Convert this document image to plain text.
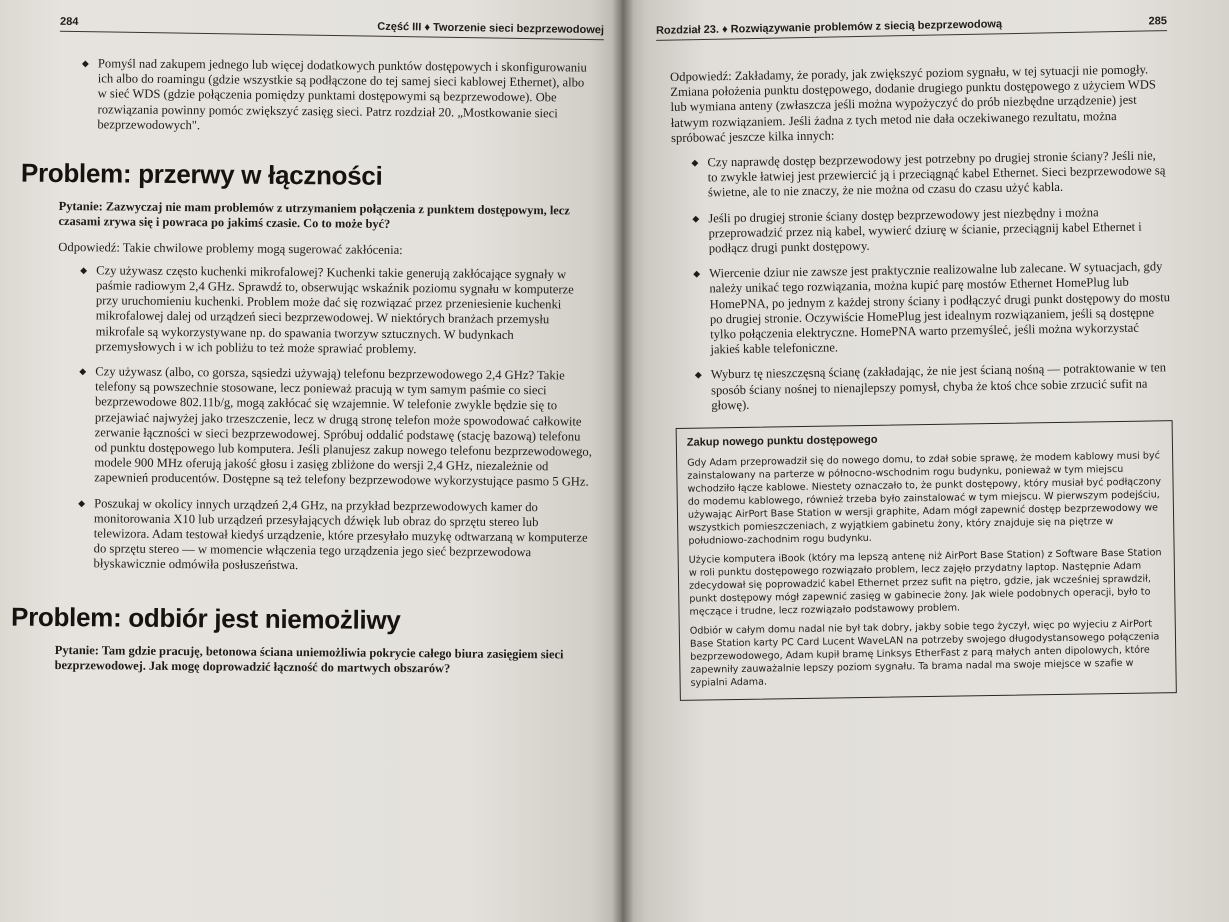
284	Część III ♦ Tworzenie sieci bezprzewodowej
◆ Pomyśl nad zakupem jednego lub więcej dodatkowych punktów dostępowych i skonfigurowaniu ich albo do roamingu (gdzie wszystkie są podłączone do tej samej sieci kablowej Ethernet), albo w sieć WDS (gdzie połączenia pomiędzy punktami dostępowymi są bezprzewodowe). Obe rozwiązania powinny pomóc zwiększyć zasięg sieci. Patrz rozdział 20. „Mostkowanie sieci bezprzewodowych".
Problem: przerwy w łączności

Pytanie: Zazwyczaj nie mam problemów z utrzymaniem połączenia z punktem dostępowym, lecz czasami zrywa się i powraca po jakimś czasie. Co to może być?

Odpowiedź: Takie chwilowe problemy mogą sugerować zakłócenia:

◆ Czy używasz często kuchenki mikrofalowej? Kuchenki takie generują zakłócające sygnały w paśmie radiowym 2,4 GHz. Sprawdź to, obserwując wskaźnik poziomu sygnału w komputerze przy uruchomieniu kuchenki. Problem może dać się rozwiązać przez przeniesienie kuchenki mikrofalowej dalej od urządzeń sieci bezprzewodowej. W niektórych branżach przemysłu mikrofale są wykorzystywane np. do spawania tworzyw sztucznych. W budynkach przemysłowych i w ich pobliżu to też może sprawiać problemy.
◆ Czy używasz (albo, co gorsza, sąsiedzi używają) telefonu bezprzewodowego 2,4 GHz? Takie telefony są powszechnie stosowane, lecz ponieważ pracują w tym samym paśmie co sieci bezprzewodowe 802.11b/g, mogą zakłócać się wzajemnie. W telefonie zwykle będzie się to przejawiać najwyżej jako trzeszczenie, lecz w drugą stronę telefon może spowodować całkowite zerwanie łączności w sieci bezprzewodowej. Spróbuj oddalić podstawę (stację bazową) telefonu od punktu dostępowego lub komputera. Jeśli planujesz zakup nowego telefonu bezprzewodowego, modele 900 MHz oferują jakość głosu i zasięg zbliżone do wersji 2,4 GHz, niezależnie od zapewnień producentów. Dostępne są też telefony bezprzewodowe wykorzystujące pasmo 5 GHz.
◆ Poszukaj w okolicy innych urządzeń 2,4 GHz, na przykład bezprzewodowych kamer do monitorowania X10 lub urządzeń przesyłających dźwięk lub obraz do sprzętu stereo lub telewizora. Adam testował kiedyś urządzenie, które przesyłało muzykę odtwarzaną w komputerze do sprzętu stereo — w momencie włączenia tego urządzenia jego sieć bezprzewodowa błyskawicznie odmówiła posłuszeństwa.
Problem: odbiór jest niemożliwy

Pytanie: Tam gdzie pracuję, betonowa ściana uniemożliwia pokrycie całego biura zasięgiem sieci bezprzewodowej. Jak mogę doprowadzić łączność do martwych obszarów?

Rozdział 23. ♦ Rozwiązywanie problemów z siecią bezprzewodową	285

Odpowiedź: Zakładamy, że porady, jak zwiększyć poziom sygnału, w tej sytuacji nie pomogły. Zmiana położenia punktu dostępowego, dodanie drugiego punktu dostępowego z użyciem WDS lub wymiana anteny (zwłaszcza jeśli można wypożyczyć do prób niezbędne urządzenie) jest łatwym rozwiązaniem. Jeśli żadna z tych metod nie dała oczekiwanego rezultatu, można spróbować jeszcze kilka innych:

◆ Czy naprawdę dostęp bezprzewodowy jest potrzebny po drugiej stronie ściany? Jeśli nie, to zwykle łatwiej jest przewiercić ją i przeciągnąć kabel Ethernet. Sieci bezprzewodowe są świetne, ale to nie znaczy, że nie można od czasu do czasu użyć kabla.
◆ Jeśli po drugiej stronie ściany dostęp bezprzewodowy jest niezbędny i można przeprowadzić przez nią kabel, wywierć dziurę w ścianie, przeciągnij kabel Ethernet i podłącz drugi punkt dostępowy.
◆ Wiercenie dziur nie zawsze jest praktycznie realizowalne lub zalecane. W sytuacjach, gdy należy unikać tego rozwiązania, można kupić parę mostów Ethernet HomePlug lub HomePNA, po jednym z każdej strony ściany i podłączyć drugi punkt dostępowy do mostu po drugiej stronie. Oczywiście HomePlug jest idealnym rozwiązaniem, jeśli są dostępne tylko połączenia elektryczne. HomePNA warto przemyśleć, jeśli można wykorzystać jakieś kable telefoniczne.
◆ Wyburz tę nieszczęsną ścianę (zakładając, że nie jest ścianą nośną — potraktowanie w ten sposób ściany nośnej to nienajlepszy pomysł, chyba że ktoś chce sobie zrzucić sufit na głowę).
Zakup nowego punktu dostępowego

Gdy Adam przeprowadził się do nowego domu, to zdał sobie sprawę, że modem kablowy musi być zainstalowany na parterze w północno-wschodnim rogu budynku, ponieważ w tym miejscu wchodziło łącze kablowe. Niestety oznaczało to, że punkt dostępowy, który musiał być podłączony do modemu kablowego, również trzeba było zainstalować w tym miejscu. W pierwszym podejściu, używając AirPort Base Station w wersji graphite, Adam mógł zapewnić dostęp bezprzewodowy we wszystkich pomieszczeniach, z wyjątkiem gabinetu żony, który znajduje się na piętrze w południowo-zachodnim rogu budynku.

Użycie komputera iBook (który ma lepszą antenę niż AirPort Base Station) z Software Base Station w roli punktu dostępowego rozwiązało problem, lecz zajęło przydatny laptop. Następnie Adam zdecydował się poprowadzić kabel Ethernet przez sufit na piętro, gdzie, jak wcześniej sprawdził, punkt dostępowy mógł zapewnić zasięg w gabinecie żony. Jak wiele podobnych operacji, było to męczące i trudne, lecz rozwiązało podstawowy problem.

Odbiór w całym domu nadal nie był tak dobry, jakby sobie tego życzył, więc po wyjeciu z AirPort Base Station karty PC Card Lucent WaveLAN na potrzeby swojego długodystansowego połączenia bezprzewodowego, Adam kupił bramę Linksys EtherFast z parą małych anten dipolowych, które zapewniły zauważalnie lepszy poziom sygnału. Ta brama nadal ma swoje miejsce w szafie w sypialni Adama.
